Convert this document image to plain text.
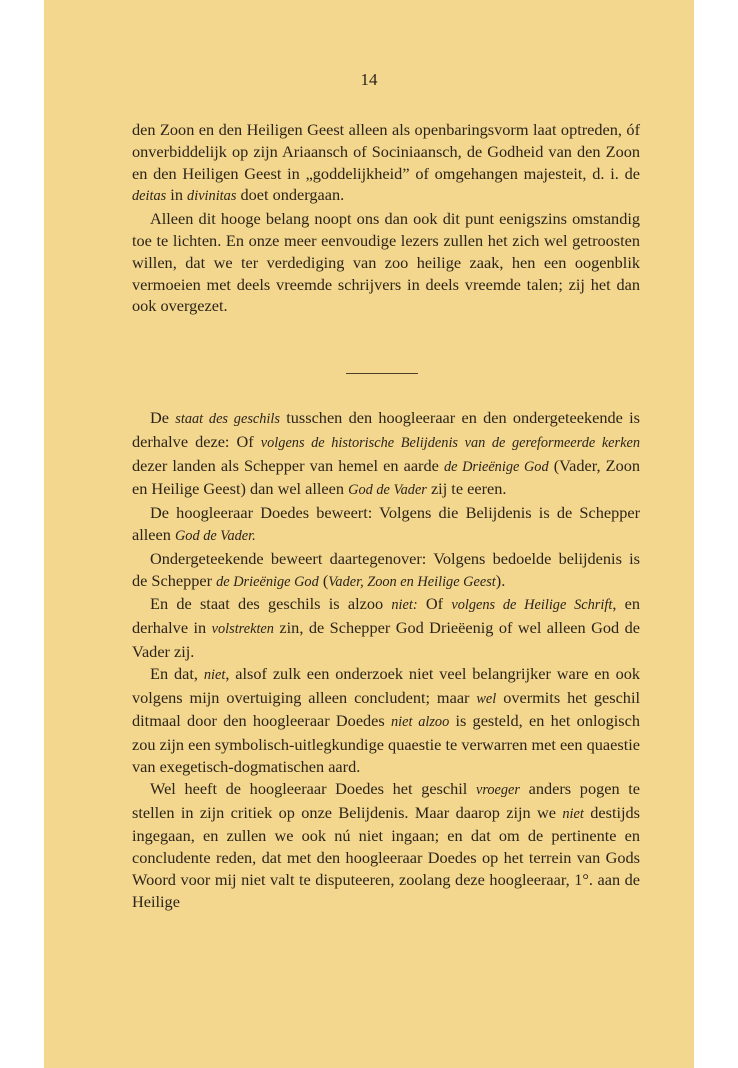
14

den Zoon en den Heiligen Geest alleen als openbaringsvorm laat optreden, óf onverbiddelijk op zijn Ariaansch of Sociniaansch, de Godheid van den Zoon en den Heiligen Geest in „goddelijkheid” of omgehangen majesteit, d. i. de deitas in divinitas doet ondergaan.

Alleen dit hooge belang noopt ons dan ook dit punt eenigszins omstandig toe te lichten. En onze meer eenvoudige lezers zullen het zich wel getroosten willen, dat we ter verdediging van zoo heilige zaak, hen een oogenblik vermoeien met deels vreemde schrijvers in deels vreemde talen; zij het dan ook overgezet.

De staat des geschils tusschen den hoogleeraar en den ondergeteekende is derhalve deze: Of volgens de historische Belijdenis van de gereformeerde kerken dezer landen als Schepper van hemel en aarde de Drieënige God (Vader, Zoon en Heilige Geest) dan wel alleen God de Vader zij te eeren.

De hoogleeraar Doedes beweert: Volgens die Belijdenis is de Schepper alleen God de Vader.

Ondergeteekende beweert daartegenover: Volgens bedoelde belijdenis is de Schepper de Drieënige God (Vader, Zoon en Heilige Geest).

En de staat des geschils is alzoo niet: Of volgens de Heilige Schrift, en derhalve in volstrekten zin, de Schepper God Drieëenig of wel alleen God de Vader zij.

En dat, niet, alsof zulk een onderzoek niet veel belangrijker ware en ook volgens mijn overtuiging alleen concludent; maar wel overmits het geschil ditmaal door den hoogleeraar Doedes niet alzoo is gesteld, en het onlogisch zou zijn een symbolisch-uitlegkundige quaestie te verwarren met een quaestie van exegetisch-dogmatischen aard.

Wel heeft de hoogleeraar Doedes het geschil vroeger anders pogen te stellen in zijn critiek op onze Belijdenis. Maar daarop zijn we niet destijds ingegaan, en zullen we ook nú niet ingaan; en dat om de pertinente en concludente reden, dat met den hoogleeraar Doedes op het terrein van Gods Woord voor mij niet valt te disputeeren, zoolang deze hoogleeraar, 1°. aan de Heilige
